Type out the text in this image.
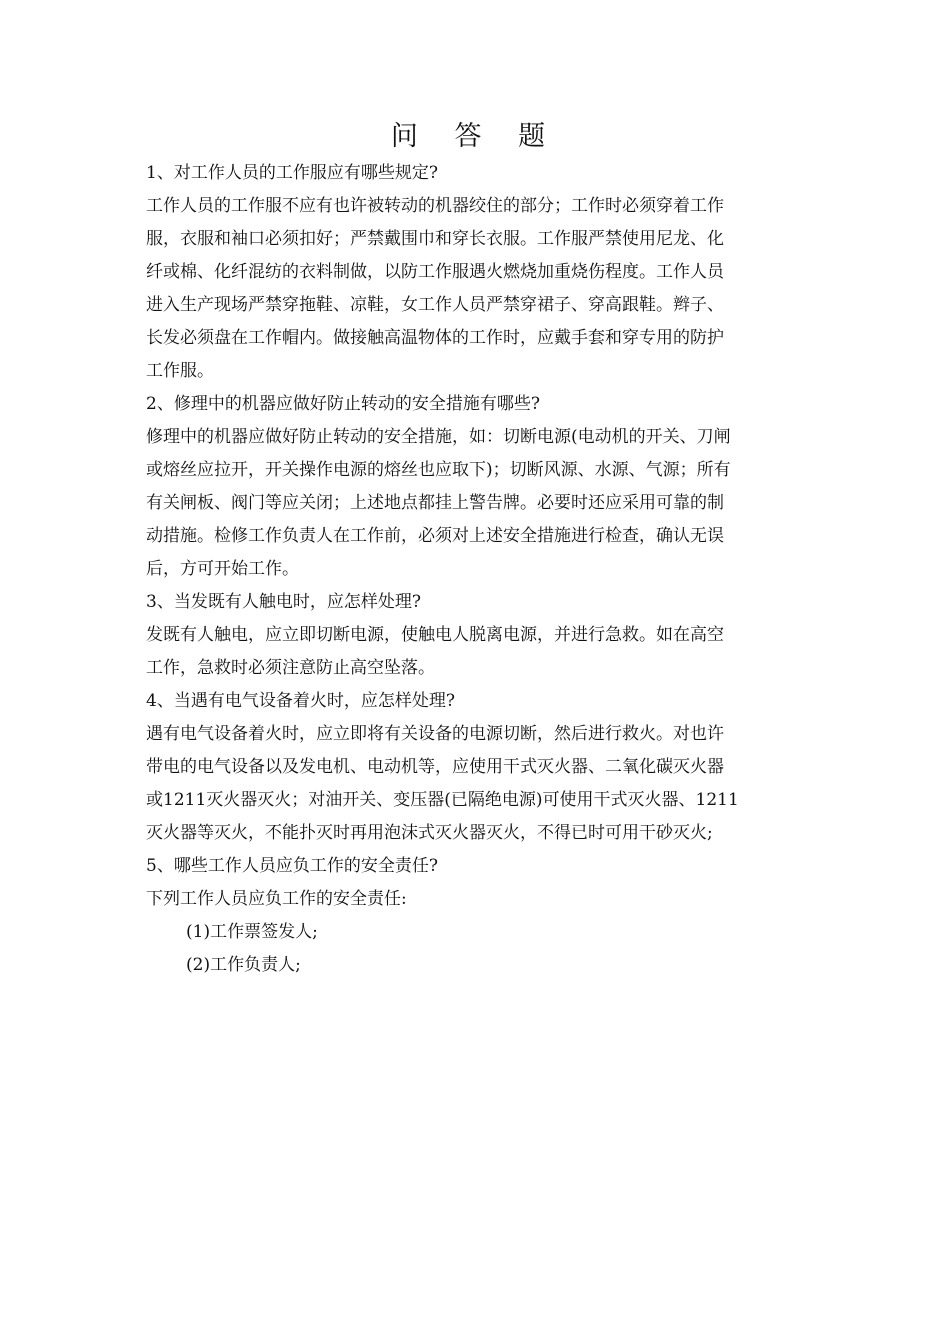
问 答 题
1、对工作人员的工作服应有哪些规定?
工作人员的工作服不应有也许被转动的机器绞住的部分；工作时必须穿着工作
服，衣服和袖口必须扣好；严禁戴围巾和穿长衣服。工作服严禁使用尼龙、化
纤或棉、化纤混纺的衣料制做，以防工作服遇火燃烧加重烧伤程度。工作人员
进入生产现场严禁穿拖鞋、凉鞋，女工作人员严禁穿裙子、穿高跟鞋。辫子、
长发必须盘在工作帽内。做接触高温物体的工作时，应戴手套和穿专用的防护
工作服。
2、修理中的机器应做好防止转动的安全措施有哪些?
修理中的机器应做好防止转动的安全措施，如：切断电源(电动机的开关、刀闸
或熔丝应拉开，开关操作电源的熔丝也应取下)；切断风源、水源、气源；所有
有关闸板、阀门等应关闭；上述地点都挂上警告牌。必要时还应采用可靠的制
动措施。检修工作负责人在工作前，必须对上述安全措施进行检查，确认无误
后，方可开始工作。
3、当发既有人触电时，应怎样处理?
发既有人触电，应立即切断电源，使触电人脱离电源，并进行急救。如在高空
工作，急救时必须注意防止高空坠落。
4、当遇有电气设备着火时，应怎样处理?
遇有电气设备着火时，应立即将有关设备的电源切断，然后进行救火。对也许
带电的电气设备以及发电机、电动机等，应使用干式灭火器、二氧化碳灭火器
或1211灭火器灭火；对油开关、变压器(已隔绝电源)可使用干式灭火器、1211
灭火器等灭火，不能扑灭时再用泡沫式灭火器灭火，不得已时可用干砂灭火;
5、哪些工作人员应负工作的安全责任?
下列工作人员应负工作的安全责任:
(1)工作票签发人;
(2)工作负责人;
